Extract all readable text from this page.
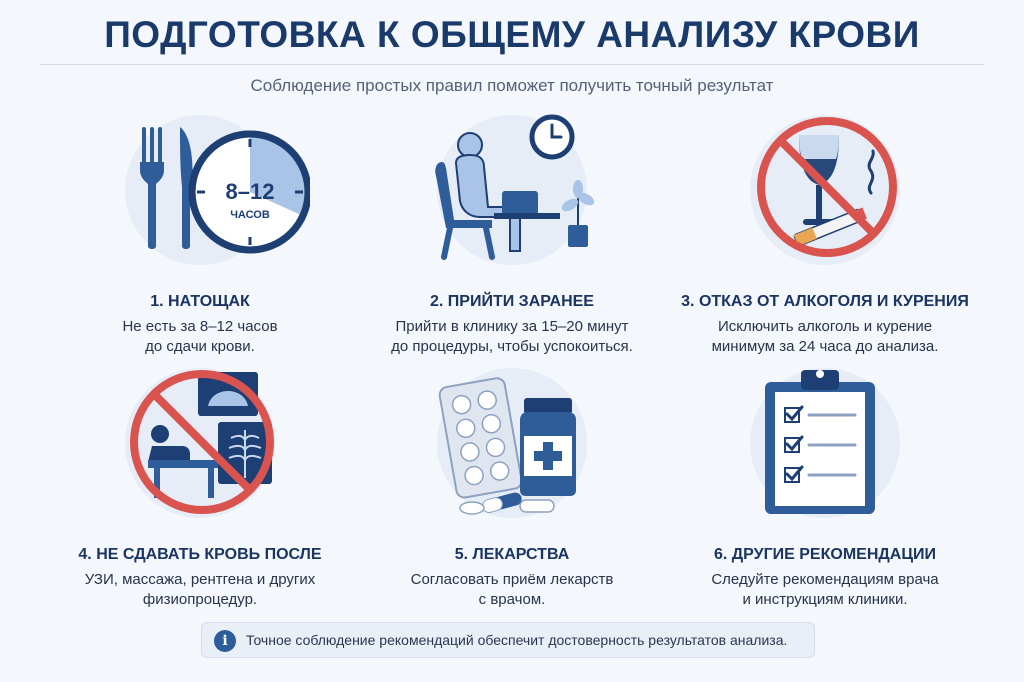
ПОДГОТОВКА К ОБЩЕМУ АНАЛИЗУ КРОВИ
Соблюдение простых правил поможет получить точный результат
8–12
ЧАСОВ
1. НАТОЩАК
Не есть за 8–12 часов
до сдачи крови.
2. ПРИЙТИ ЗАРАНЕЕ
Прийти в клинику за 15–20 минут
до процедуры, чтобы успокоиться.
3. ОТКАЗ ОТ АЛКОГОЛЯ И КУРЕНИЯ
Исключить алкоголь и курение
минимум за 24 часа до анализа.
4. НЕ СДАВАТЬ КРОВЬ ПОСЛЕ
УЗИ, массажа, рентгена и других
физиопроцедур.
5. ЛЕКАРСТВА
Согласовать приём лекарств
с врачом.
6. ДРУГИЕ РЕКОМЕНДАЦИИ
Следуйте рекомендациям врача
и инструкциям клиники.
i	Точное соблюдение рекомендаций обеспечит достоверность результатов анализа.
